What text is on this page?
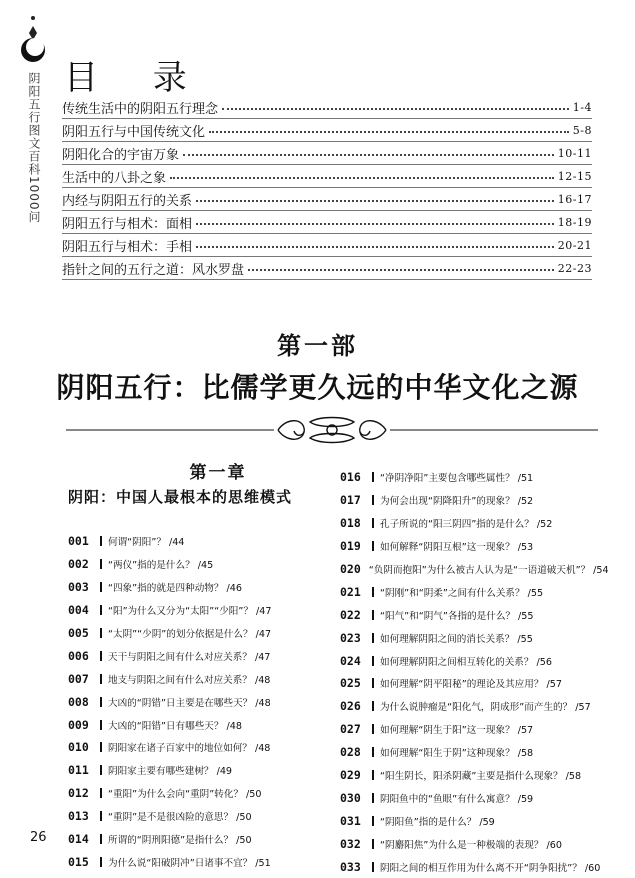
阴阳五行图文百科1000问 目 录
传统生活中的阴阳五行理念	1-4
阴阳五行与中国传统文化	5-8
阴阳化合的宇宙万象	10-11
生活中的八卦之象	12-15
内经与阴阳五行的关系	16-17
阴阳五行与相术：面相	18-19
阴阳五行与相术：手相	20-21
指针之间的五行之道：风水罗盘	22-23
第一部
阴阳五行：比儒学更久远的中华文化之源
第一章
阴阳：中国人最根本的思维模式
001	何谓“阴阳”？ /44
002	“两仪”指的是什么？ /45
003	“四象”指的就是四种动物？ /46
004	“阳”为什么又分为“太阳”“少阳”？ /47
005	“太阴”“少阴”的划分依据是什么？ /47
006	天干与阴阳之间有什么对应关系？ /47
007	地支与阴阳之间有什么对应关系？ /48
008	大凶的“阴错”日主要是在哪些天？ /48
009	大凶的“阳错”日有哪些天？ /48
010	阴阳家在诸子百家中的地位如何？ /48
011	阴阳家主要有哪些建树？ /49
012	“重阳”为什么会向“重阴”转化？ /50
013	“重阴”是不是很凶险的意思？ /50
014	所谓的“阴刑阳德”是指什么？ /50
015	为什么说“阳破阴冲”日诸事不宜？ /51
016	“净阴净阳”主要包含哪些属性？ /51
017	为何会出现“阴降阳升”的现象？ /52
018	孔子所说的“阳三阴四”指的是什么？ /52
019	如何解释“阴阳互根”这一现象？ /53
020 “负阴而抱阳”为什么被古人认为是“一语道破天机”？ /54
021	“阴刚”和“阴柔”之间有什么关系？ /55
022	“阳气”和“阴气”各指的是什么？ /55
023	如何理解阴阳之间的消长关系？ /55
024	如何理解阴阳之间相互转化的关系？ /56
025	如何理解“阴平阳秘”的理论及其应用？ /57
026	为什么说肿瘤是“阳化气，阴成形”而产生的？ /57
027	如何理解“阴生于阳”这一现象？ /57
028	如何理解“阳生于阴”这种现象？ /58
029	“阳生阴长，阳杀阴藏”主要是指什么现象？ /58
030	阴阳鱼中的“鱼眼”有什么寓意？ /59
031	“阴阳鱼”指的是什么？ /59
032	“阴麝阳焦”为什么是一种极端的表现？ /60
033	阴阳之间的相互作用为什么离不开“阴争阳扰”？ /60
26
